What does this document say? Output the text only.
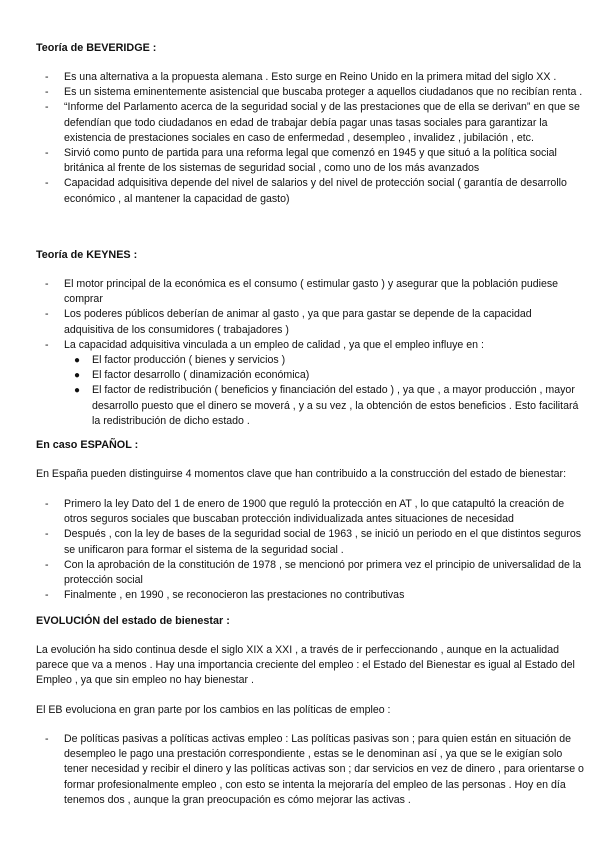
Teoría de BEVERIDGE :
- Es una alternativa a la propuesta alemana . Esto surge en Reino Unido en la primera mitad del siglo XX .
- Es un sistema eminentemente asistencial que buscaba proteger a aquellos ciudadanos que no recibían renta .
- “Informe del Parlamento acerca de la seguridad social y de las prestaciones que de ella se derivan” en que se defendían que todo ciudadanos en edad de trabajar debía pagar unas tasas sociales para garantizar la existencia de prestaciones sociales en caso de enfermedad , desempleo , invalidez , jubilación , etc.
- Sirvió como punto de partida para una reforma legal que comenzó en 1945 y que situó a la política social británica al frente de los sistemas de seguridad social , como uno de los más avanzados
- Capacidad adquisitiva depende del nivel de salarios y del nivel de protección social ( garantía de desarrollo económico , al mantener la capacidad de gasto)
Teoría de KEYNES :
- El motor principal de la económica es el consumo ( estimular gasto ) y asegurar que la población pudiese comprar
- Los poderes públicos deberían de animar al gasto , ya que para gastar se depende de la capacidad adquisitiva de los consumidores ( trabajadores )
- La capacidad adquisitiva vinculada a un empleo de calidad , ya que el empleo influye en :
● El factor producción ( bienes y servicios )
● El factor desarrollo ( dinamización económica)
● El factor de redistribución ( beneficios y financiación del estado ) , ya que , a mayor producción , mayor desarrollo puesto que el dinero se moverá , y a su vez , la obtención de estos beneficios . Esto facilitará la redistribución de dicho estado .
En caso ESPAÑOL :

En España pueden distinguirse 4 momentos clave que han contribuido a la construcción del estado de bienestar:

- Primero la ley Dato del 1 de enero de 1900 que reguló la protección en AT , lo que catapultó la creación de otros seguros sociales que buscaban protección individualizada antes situaciones de necesidad
- Después , con la ley de bases de la seguridad social de 1963 , se inició un periodo en el que distintos seguros se unificaron para formar el sistema de la seguridad social .
- Con la aprobación de la constitución de 1978 , se mencionó por primera vez el principio de universalidad de la protección social
- Finalmente , en 1990 , se reconocieron las prestaciones no contributivas
EVOLUCIÓN del estado de bienestar :

La evolución ha sido continua desde el siglo XIX a XXI , a través de ir perfeccionando , aunque en la actualidad parece que va a menos . Hay una importancia creciente del empleo : el Estado del Bienestar es igual al Estado del Empleo , ya que sin empleo no hay bienestar .

El EB evoluciona en gran parte por los cambios en las políticas de empleo :

- De políticas pasivas a políticas activas empleo : Las políticas pasivas son ; para quien están en situación de desempleo le pago una prestación correspondiente , estas se le denominan así , ya que se le exigían solo tener necesidad y recibir el dinero y las políticas activas son ; dar servicios en vez de dinero , para orientarse o formar profesionalmente empleo , con esto se intenta la mejoraría del empleo de las personas . Hoy en día tenemos dos , aunque la gran preocupación es cómo mejorar las activas .
